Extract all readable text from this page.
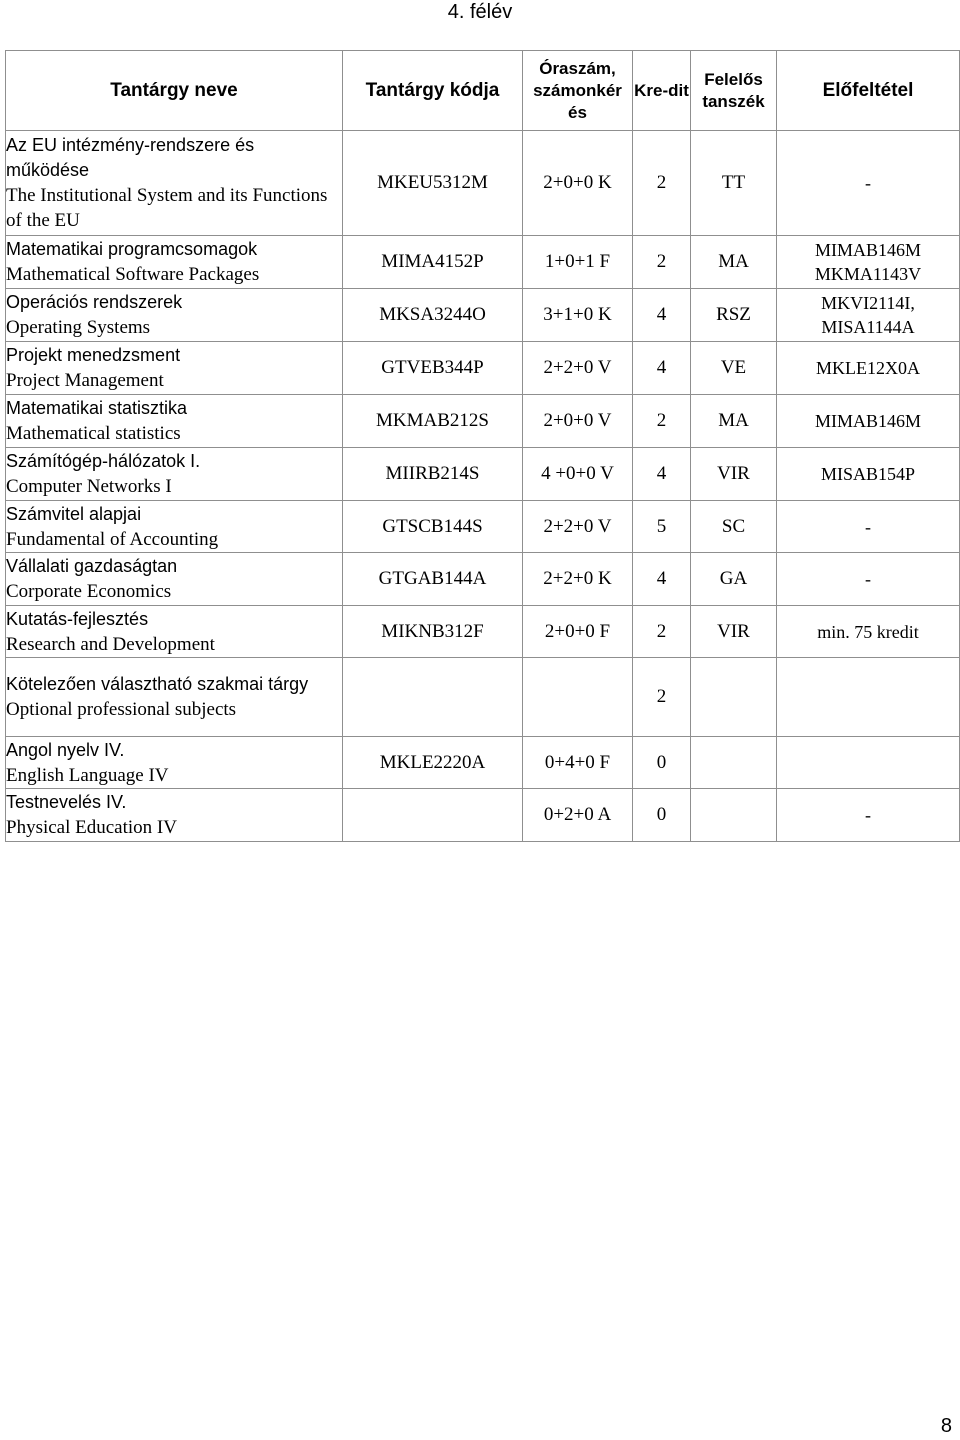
4. félév
Tantárgy neve	Tantárgy kódja	Óraszám, számonkér és	Kre-dit	Felelős tanszék	Előfeltétel

Az EU intézmény-rendszere és működése
The Institutional System and its Functions of the EU	MKEU5312M	2+0+0 K	2	TT	-

Matematikai programcsomagok
Mathematical Software Packages	MIMA4152P	1+0+1 F	2	MA	MIMAB146M MKMA1143V

Operációs rendszerek
Operating Systems	MKSA3244O	3+1+0 K	4	RSZ	MKVI2114I, MISA1144A

Projekt menedzsment
Project Management	GTVEB344P	2+2+0 V	4	VE	MKLE12X0A

Matematikai statisztika
Mathematical statistics	MKMAB212S	2+0+0 V	2	MA	MIMAB146M

Számítógép-hálózatok I.
Computer Networks I	MIIRB214S	4 +0+0 V	4	VIR	MISAB154P

Számvitel alapjai
Fundamental of Accounting	GTSCB144S	2+2+0 V	5	SC	-

Vállalati gazdaságtan
Corporate Economics	GTGAB144A	2+2+0 K	4	GA	-

Kutatás-fejlesztés
Research and Development	MIKNB312F	2+0+0 F	2	VIR	min. 75 kredit

Kötelezően választható szakmai tárgy
Optional professional subjects			2		

Angol nyelv IV.
English Language IV	MKLE2220A	0+4+0 F	0		

Testnevelés IV.
Physical Education IV		0+2+0 A	0		-
8
